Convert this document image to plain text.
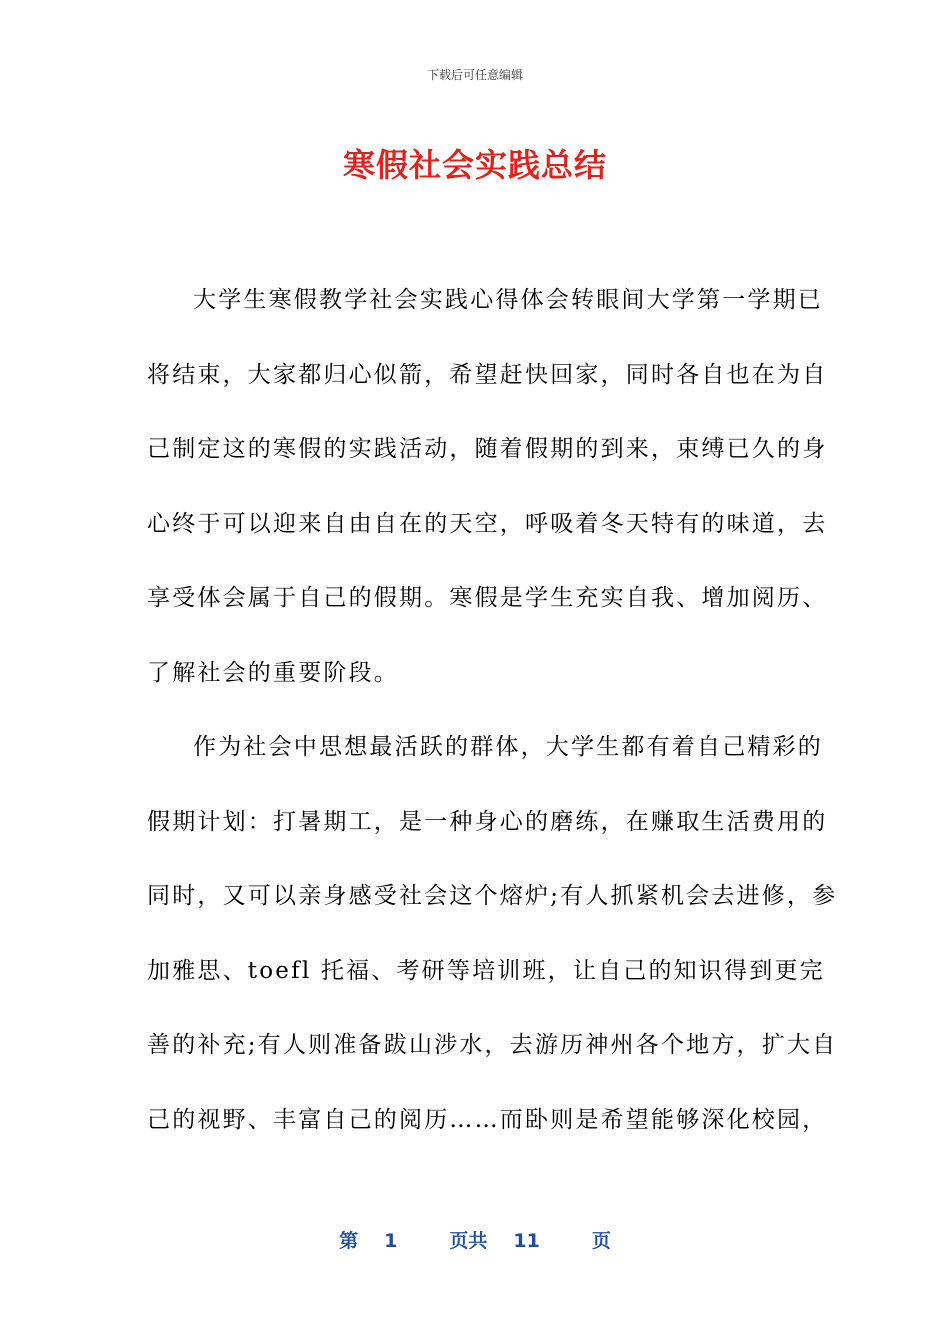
下载后可任意编辑
寒假社会实践总结
大学生寒假教学社会实践心得体会转眼间大学第一学期已
将结束，大家都归心似箭，希望赶快回家，同时各自也在为自
己制定这的寒假的实践活动，随着假期的到来，束缚已久的身
心终于可以迎来自由自在的天空，呼吸着冬天特有的味道，去
享受体会属于自己的假期。寒假是学生充实自我、增加阅历、
了解社会的重要阶段。
作为社会中思想最活跃的群体，大学生都有着自己精彩的
假期计划：打暑期工，是一种身心的磨练，在赚取生活费用的
同时，又可以亲身感受社会这个熔炉;有人抓紧机会去进修，参
加雅思、toefl 托福、考研等培训班，让自己的知识得到更完
善的补充;有人则准备跋山涉水，去游历神州各个地方，扩大自
己的视野、丰富自己的阅历……而卧则是希望能够深化校园，
第 1	页共 11	页
